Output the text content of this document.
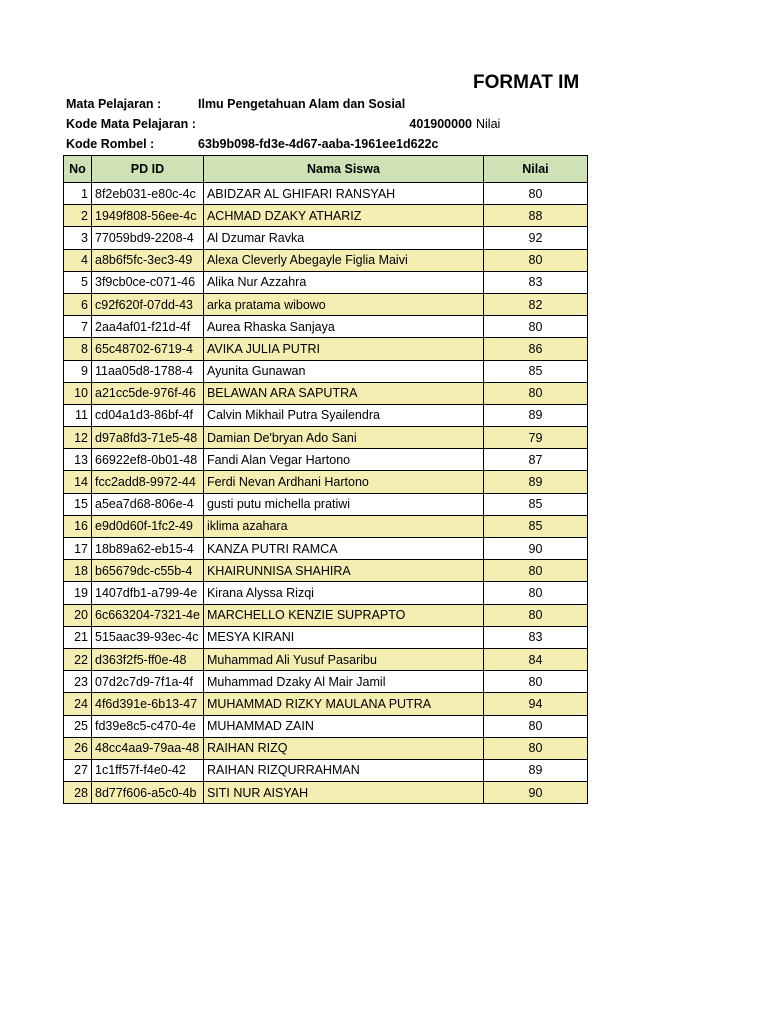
FORMAT IM
Mata Pelajaran :	Ilmu Pengetahuan Alam dan Sosial
Kode Mata Pelajaran :	401900000 Nilai
Kode Rombel :	63b9b098-fd3e-4d67-aaba-1961ee1d622c
No	PD ID	Nama Siswa	Nilai
1	8f2eb031-e80c-4c	ABIDZAR AL GHIFARI RANSYAH	80
2	1949f808-56ee-4c	ACHMAD DZAKY ATHARIZ	88
3	77059bd9-2208-4	Al Dzumar Ravka	92
4	a8b6f5fc-3ec3-49	Alexa Cleverly Abegayle Figlia Maivi	80
5	3f9cb0ce-c071-46	Alika Nur Azzahra	83
6	c92f620f-07dd-43	arka pratama wibowo	82
7	2aa4af01-f21d-4f	Aurea Rhaska Sanjaya	80
8	65c48702-6719-4	AVIKA JULIA PUTRI	86
9	11aa05d8-1788-4	Ayunita Gunawan	85
10	a21cc5de-976f-46	BELAWAN ARA SAPUTRA	80
11	cd04a1d3-86bf-4f	Calvin Mikhail Putra Syailendra	89
12	d97a8fd3-71e5-48	Damian De'bryan Ado Sani	79
13	66922ef8-0b01-48	Fandi Alan Vegar Hartono	87
14	fcc2add8-9972-44	Ferdi Nevan Ardhani Hartono	89
15	a5ea7d68-806e-4	gusti putu michella pratiwi	85
16	e9d0d60f-1fc2-49	iklima azahara	85
17	18b89a62-eb15-4	KANZA PUTRI RAMCA	90
18	b65679dc-c55b-4	KHAIRUNNISA SHAHIRA	80
19	1407dfb1-a799-4e	Kirana Alyssa Rizqi	80
20	6c663204-7321-4e	MARCHELLO KENZIE SUPRAPTO	80
21	515aac39-93ec-4c	MESYA KIRANI	83
22	d363f2f5-ff0e-48	Muhammad Ali Yusuf Pasaribu	84
23	07d2c7d9-7f1a-4f	Muhammad Dzaky Al Mair Jamil	80
24	4f6d391e-6b13-47	MUHAMMAD RIZKY MAULANA PUTRA	94
25	fd39e8c5-c470-4e	MUHAMMAD ZAIN	80
26	48cc4aa9-79aa-48	RAIHAN RIZQ	80
27	1c1ff57f-f4e0-42	RAIHAN RIZQURRAHMAN	89
28	8d77f606-a5c0-4b	SITI NUR AISYAH	90
